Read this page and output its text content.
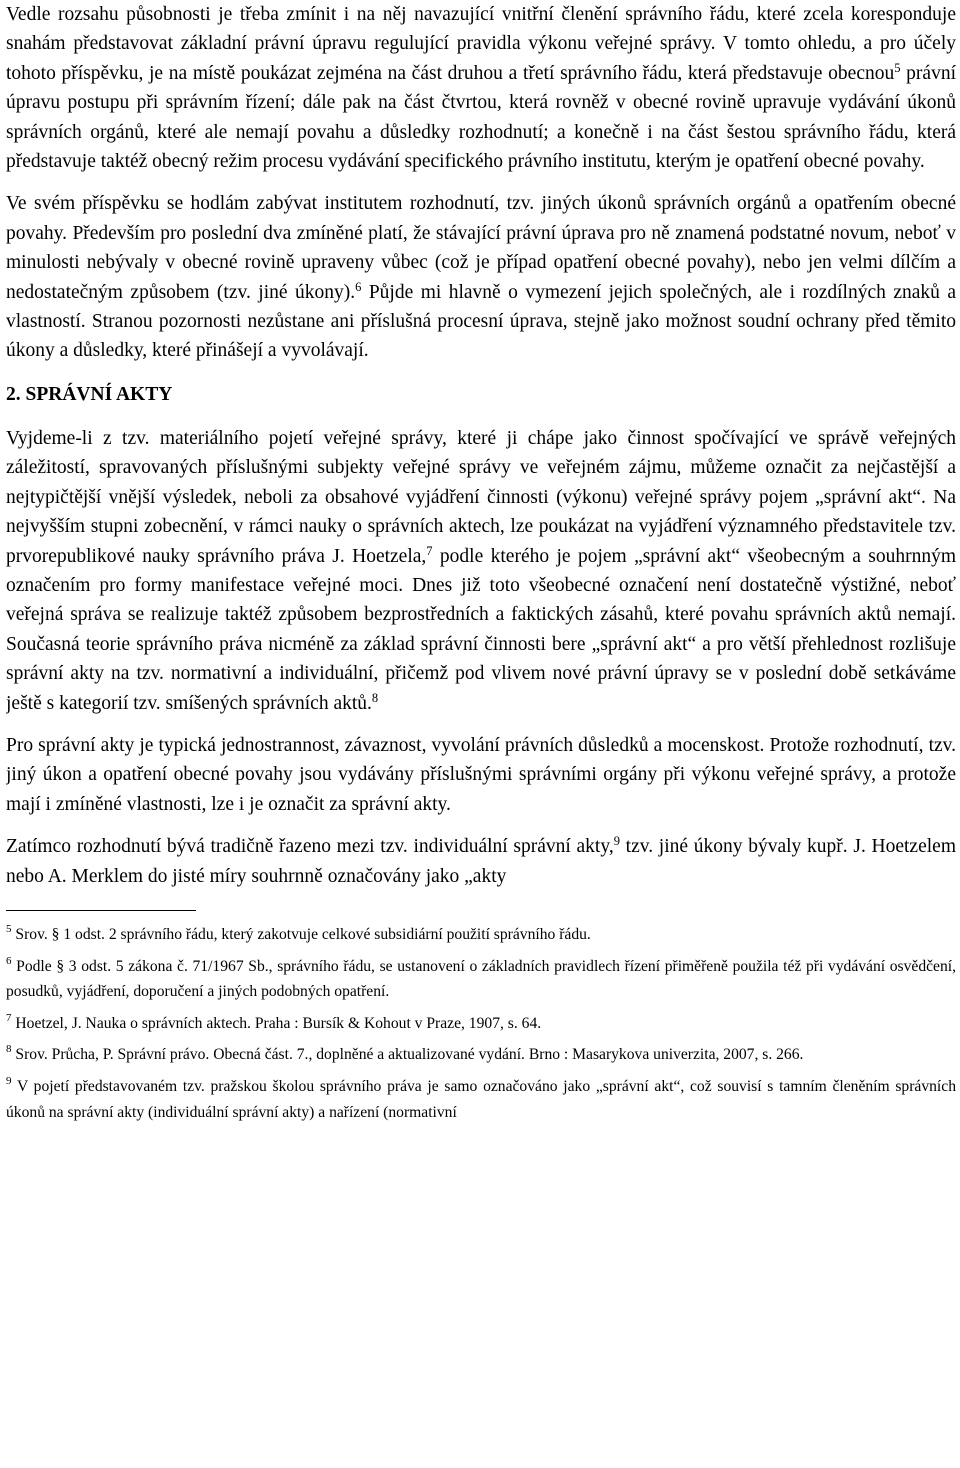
Vedle rozsahu působnosti je třeba zmínit i na něj navazující vnitřní členění správního řádu, které zcela koresponduje snahám představovat základní právní úpravu regulující pravidla výkonu veřejné správy. V tomto ohledu, a pro účely tohoto příspěvku, je na místě poukázat zejména na část druhou a třetí správního řádu, která představuje obecnou$^5$ právní úpravu postupu při správním řízení; dále pak na část čtvrtou, která rovněž v obecné rovině upravuje vydávání úkonů správních orgánů, které ale nemají povahu a důsledky rozhodnutí; a konečně i na část šestou správního řádu, která představuje taktéž obecný režim procesu vydávání specifického právního institutu, kterým je opatření obecné povahy.

Ve svém příspěvku se hodlám zabývat institutem rozhodnutí, tzv. jiných úkonů správních orgánů a opatřením obecné povahy. Především pro poslední dva zmíněné platí, že stávající právní úprava pro ně znamená podstatné novum, neboť v minulosti nebývaly v obecné rovině upraveny vůbec (což je případ opatření obecné povahy), nebo jen velmi dílčím a nedostatečným způsobem (tzv. jiné úkony).$^6$ Půjde mi hlavně o vymezení jejich společných, ale i rozdílných znaků a vlastností. Stranou pozornosti nezůstane ani příslušná procesní úprava, stejně jako možnost soudní ochrany před těmito úkony a důsledky, které přinášejí a vyvolávají.

2. SPRÁVNÍ AKTY

Vyjdeme-li z tzv. materiálního pojetí veřejné správy, které ji chápe jako činnost spočívající ve správě veřejných záležitostí, spravovaných příslušnými subjekty veřejné správy ve veřejném zájmu, můžeme označit za nejčastější a nejtypičtější vnější výsledek, neboli za obsahové vyjádření činnosti (výkonu) veřejné správy pojem „správní akt“. Na nejvyšším stupni zobecnění, v rámci nauky o správních aktech, lze poukázat na vyjádření významného představitele tzv. prvorepublikové nauky správního práva J. Hoetzela,$^7$ podle kterého je pojem „správní akt“ všeobecným a souhrnným označením pro formy manifestace veřejné moci. Dnes již toto všeobecné označení není dostatečně výstižné, neboť veřejná správa se realizuje taktéž způsobem bezprostředních a faktických zásahů, které povahu správních aktů nemají. Současná teorie správního práva nicméně za základ správní činnosti bere „správní akt“ a pro větší přehlednost rozlišuje správní akty na tzv. normativní a individuální, přičemž pod vlivem nové právní úpravy se v poslední době setkáváme ještě s kategorií tzv. smíšených správních aktů.$^8$

Pro správní akty je typická jednostrannost, závaznost, vyvolání právních důsledků a mocenskost. Protože rozhodnutí, tzv. jiný úkon a opatření obecné povahy jsou vydávány příslušnými správními orgány při výkonu veřejné správy, a protože mají i zmíněné vlastnosti, lze i je označit za správní akty.

Zatímco rozhodnutí bývá tradičně řazeno mezi tzv. individuální správní akty,$^9$ tzv. jiné úkony bývaly kupř. J. Hoetzelem nebo A. Merklem do jisté míry souhrnně označovány jako „akty

$^5$ Srov. § 1 odst. 2 správního řádu, který zakotvuje celkové subsidiární použití správního řádu.

$^6$ Podle § 3 odst. 5 zákona č. 71/1967 Sb., správního řádu, se ustanovení o základních pravidlech řízení přiměřeně použila též při vydávání osvědčení, posudků, vyjádření, doporučení a jiných podobných opatření.

$^7$ Hoetzel, J. Nauka o správních aktech. Praha : Bursík & Kohout v Praze, 1907, s. 64.

$^8$ Srov. Průcha, P. Správní právo. Obecná část. 7., doplněné a aktualizované vydání. Brno : Masarykova univerzita, 2007, s. 266.

$^9$ V pojetí představovaném tzv. pražskou školou správního práva je samo označováno jako „správní akt“, což souvisí s tamním členěním správních úkonů na správní akty (individuální správní akty) a nařízení (normativní
